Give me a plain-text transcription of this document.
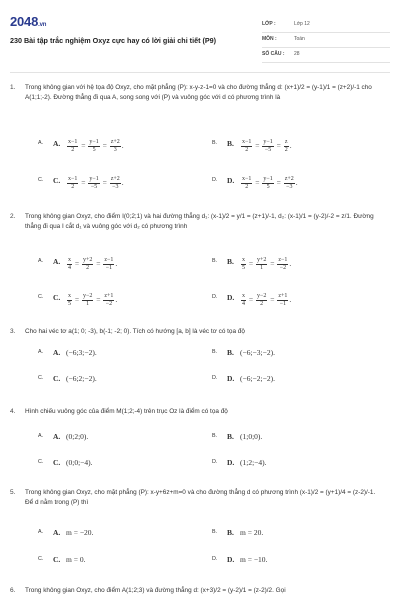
2048.vn
230 Bài tập trắc nghiệm Oxyz cực hay có lời giải chi tiết (P9)
LỚP :	Lớp 12
MÔN :	Toán
SỐ CÂU : 28
1. Trong không gian với hệ tọa độ Oxyz, cho mặt phẳng (P): x-y-z-1=0 và cho đường thẳng d: (x+1)/2 = (y-1)/1 = (z+2)/-1 cho A(1;1;-2). Đường thẳng đi qua A, song song với (P) và vuông góc với d có phương trình là
A. A. $\frac{x-1}{2} = \frac{y-1}{5} = \frac{z+2}{3}$ .	B. B. $\frac{x-1}{2} = \frac{y-1}{-5} = \frac{z}{2}$ .
C. C. $\frac{x-1}{2} = \frac{y-1}{-5} = \frac{z+2}{-3}$ .	D. D. $\frac{x-1}{2} = \frac{y-1}{5} = \frac{z+2}{-3}$ .
2. Trong không gian Oxyz, cho điểm I(0;2;1) và hai đường thẳng d₁: (x-1)/2 = y/1 = (z+1)/-1, d₂: (x-1)/1 = (y-2)/-2 = z/1. Đường thẳng đi qua I cắt d₁ và vuông góc với d₂ có phương trình
A. A. $\frac{x}{4} = \frac{y+2}{2} = \frac{z-1}{-1}$ .	B. B. $\frac{x}{5} = \frac{y+2}{1} = \frac{z-1}{-2}$ .
C. C. $\frac{x}{5} = \frac{y-2}{1} = \frac{z+1}{-2}$ .	D. D. $\frac{x}{4} = \frac{y-2}{2} = \frac{z+1}{-1}$ .
3. Cho hai véc tơ a(1; 0; -3), b(-1; -2; 0). Tích có hướng [a, b] là véc tơ có tọa độ
A. A. (−6;3;−2).	B. B. (−6;−3;−2).
C. C. (−6;2;−2).	D. D. (−6;−2;−2).
4. Hình chiếu vuông góc của điểm M(1;2;-4) trên trục Oz là điểm có tọa độ
A. A. (0;2;0).	B. B. (1;0;0).
C. C. (0;0;−4).	D. D. (1;2;−4).
5. Trong không gian Oxyz, cho mặt phẳng (P): x-y+6z+m=0 và cho đường thẳng d có phương trình (x-1)/2 = (y+1)/4 = (z-2)/-1. Để d nằm trong (P) thì
A. A. m = −20.	B. B. m = 20.
C. C. m = 0.	D. D. m = −10.
6. Trong không gian Oxyz, cho điểm A(1;2;3) và đường thẳng d: (x+3)/2 = (y-2)/1 = (z-2)/2. Gọi
